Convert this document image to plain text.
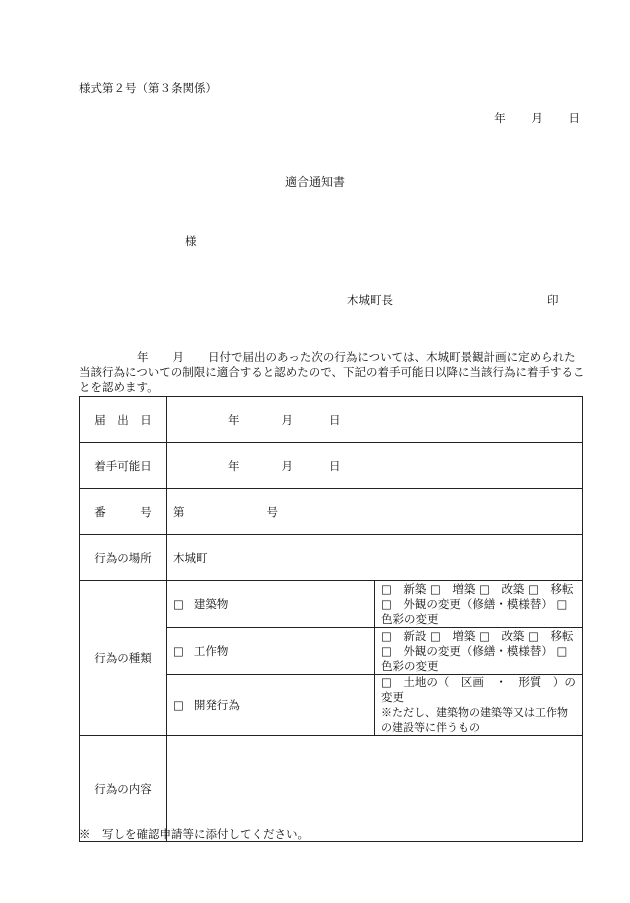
様式第２号（第３条関係）
年 月 日
適合通知書
様
木城町長	印
年 月 日付で届出のあった次の行為については、木城町景観計画に定められた当該行為についての制限に適合すると認めたので、下記の着手可能日以降に当該行為に着手することを認めます。
届　出　日	年 月 日	
着手可能日	年 月 日	
番　　　号	第 号	
行為の場所	木城町	
行為の種類	□ 建築物	□　 新築 □　 増築 □　 改築 □　 移転
□　 外観の変更（修繕・模様替） □　色彩の変更

	□ 工作物	□　 新設 □　 増築 □　 改築 □　 移転
□　 外観の変更（修繕・模様替） □　色彩の変更

	□ 開発行為	□　 土地の（　 区画　 ・　 形質　 ）の変更
※ただし、建築物の建築等又は工作物の建設等に伴うもの

行為の内容		
※　写しを確認申請等に添付してください。
